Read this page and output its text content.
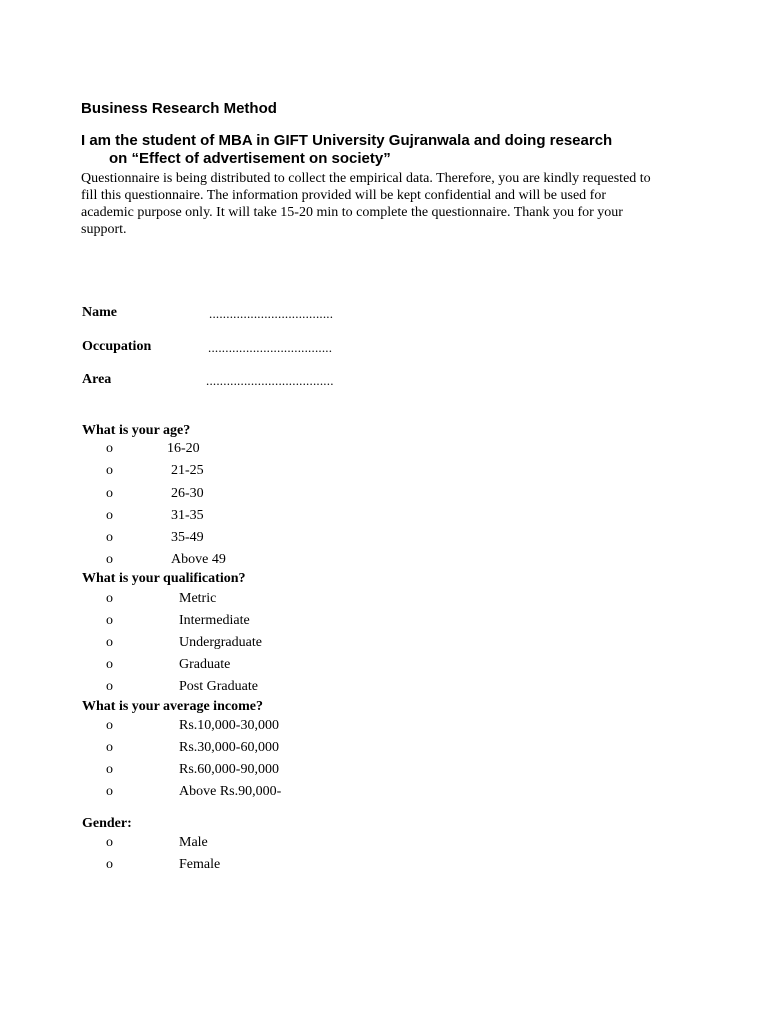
Business Research Method
I am the student of MBA in GIFT University Gujranwala and doing research
on “Effect of advertisement on society”
Questionnaire is being distributed to collect the empirical data. Therefore, you are kindly requested to fill this questionnaire. The information provided will be kept confidential and will be used for academic purpose only. It will take 15-20 min to complete the questionnaire. Thank you for your support.
Name	....................................
Occupation	....................................
Area	.....................................
What is your age?
o	16-20
o	21-25
o	26-30
o	31-35
o	35-49
o	Above 49
What is your qualification?
o	Metric
o	Intermediate
o	Undergraduate
o	Graduate
o	Post Graduate
What is your average income?
o	Rs.10,000-30,000
o	Rs.30,000-60,000
o	Rs.60,000-90,000
o	Above Rs.90,000-
Gender:
o	Male
o	Female
